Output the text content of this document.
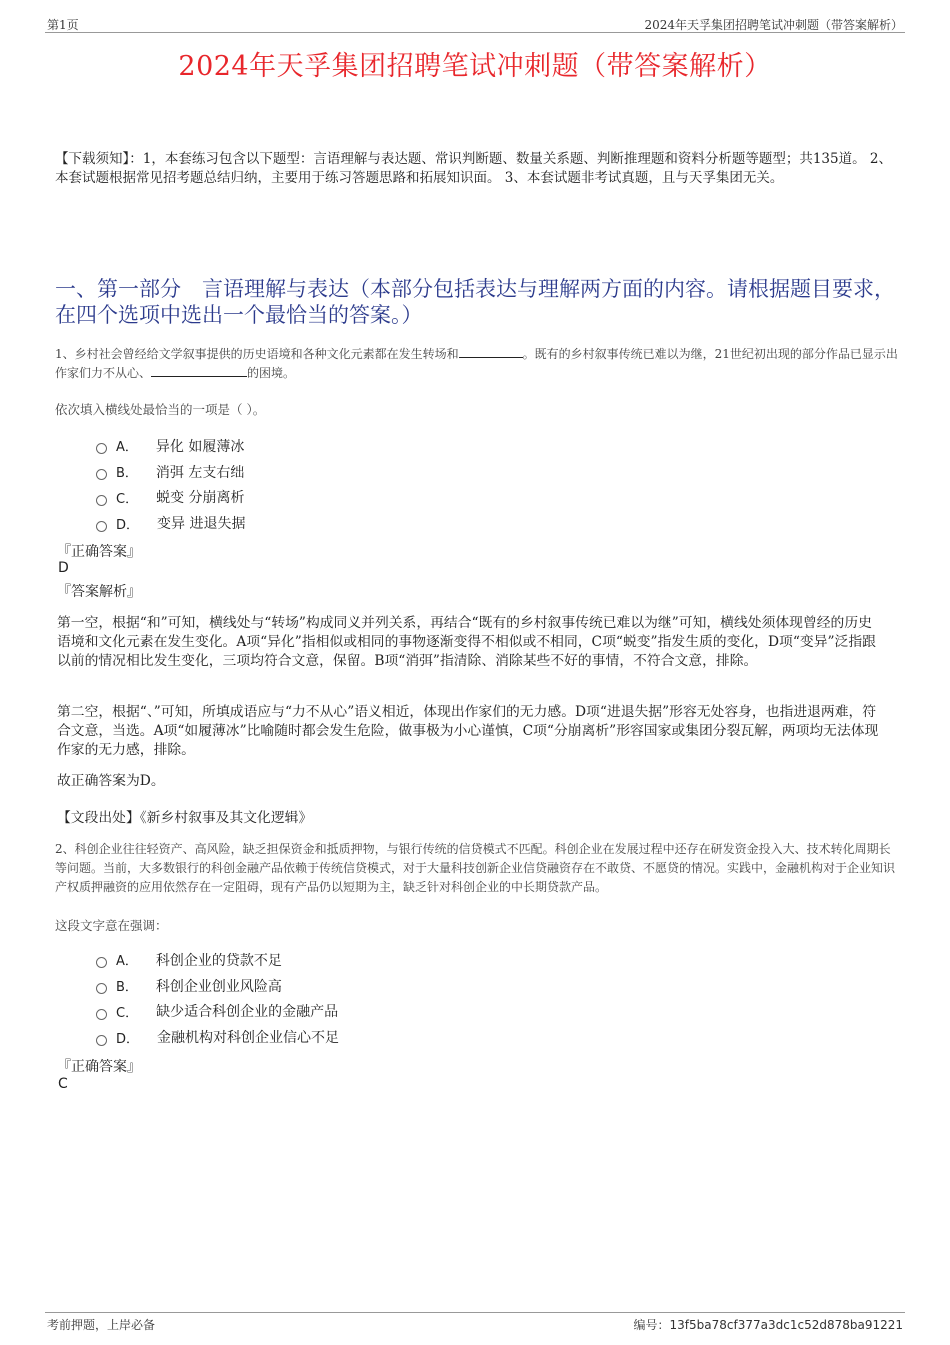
第1页	2024年天孚集团招聘笔试冲刺题（带答案解析）
2024年天孚集团招聘笔试冲刺题（带答案解析）
【下载须知】：1，本套练习包含以下题型：言语理解与表达题、常识判断题、数量关系题、判断推理题和资料分析题等题型；共135道。 2、本套试题根据常见招考题总结归纳，主要用于练习答题思路和拓展知识面。 3、本套试题非考试真题，且与天孚集团无关。
一、第一部分　言语理解与表达（本部分包括表达与理解两方面的内容。请根据题目要求，在四个选项中选出一个最恰当的答案。）
1、乡村社会曾经给文学叙事提供的历史语境和各种文化元素都在发生转场和	。既有的乡村叙事传统已难以为继，21世纪初出现的部分作品已显示出作家们力不从心、	的困境。
依次填入横线处最恰当的一项是（ ）。
A． 异化 如履薄冰
B． 消弭 左支右绌
C． 蜕变 分崩离析
D． 变异 进退失据
『正确答案』
D
『答案解析』
第一空，根据“和”可知，横线处与“转场”构成同义并列关系，再结合“既有的乡村叙事传统已难以为继”可知，横线处须体现曾经的历史语境和文化元素在发生变化。A项“异化”指相似或相同的事物逐渐变得不相似或不相同，C项“蜕变”指发生质的变化，D项“变异”泛指跟以前的情况相比发生变化，三项均符合文意，保留。B项“消弭”指清除、消除某些不好的事情，不符合文意，排除。
第二空，根据“、”可知，所填成语应与“力不从心”语义相近，体现出作家们的无力感。D项“进退失据”形容无处容身，也指进退两难，符合文意，当选。A项“如履薄冰”比喻随时都会发生危险，做事极为小心谨慎，C项“分崩离析”形容国家或集团分裂瓦解，两项均无法体现作家的无力感，排除。
故正确答案为D。
【文段出处】《新乡村叙事及其文化逻辑》
2、科创企业往往轻资产、高风险，缺乏担保资金和抵质押物，与银行传统的信贷模式不匹配。科创企业在发展过程中还存在研发资金投入大、技术转化周期长等问题。当前，大多数银行的科创金融产品依赖于传统信贷模式，对于大量科技创新企业信贷融资存在不敢贷、不愿贷的情况。实践中，金融机构对于企业知识产权质押融资的应用依然存在一定阻碍，现有产品仍以短期为主，缺乏针对科创企业的中长期贷款产品。
这段文字意在强调：
A． 科创企业的贷款不足
B． 科创企业创业风险高
C． 缺少适合科创企业的金融产品
D． 金融机构对科创企业信心不足
『正确答案』
C
考前押题，上岸必备	编号：13f5ba78cf377a3dc1c52d878ba91221
